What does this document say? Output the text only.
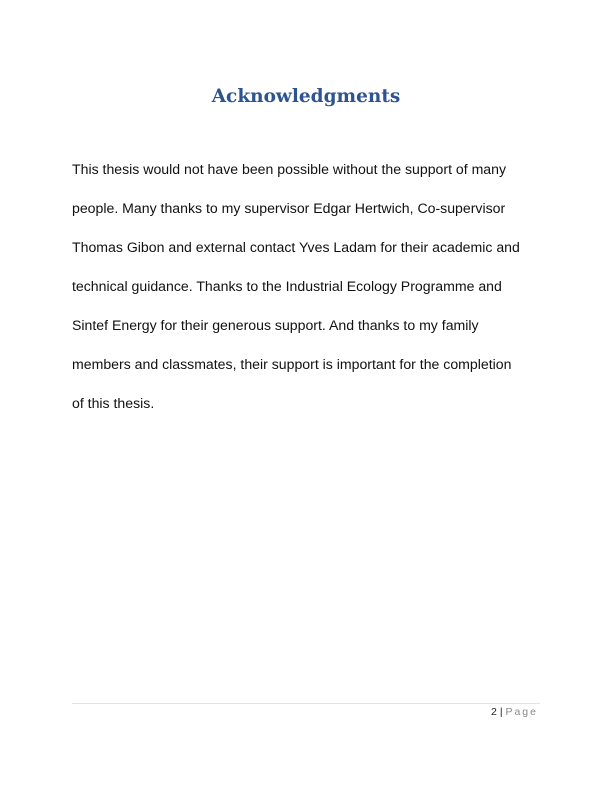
Acknowledgments
This thesis would not have been possible without the support of many
people. Many thanks to my supervisor Edgar Hertwich, Co-supervisor
Thomas Gibon and external contact Yves Ladam for their academic and
technical guidance. Thanks to the Industrial Ecology Programme and
Sintef Energy for their generous support. And thanks to my family
members and classmates, their support is important for the completion
of this thesis.
2 | Page
